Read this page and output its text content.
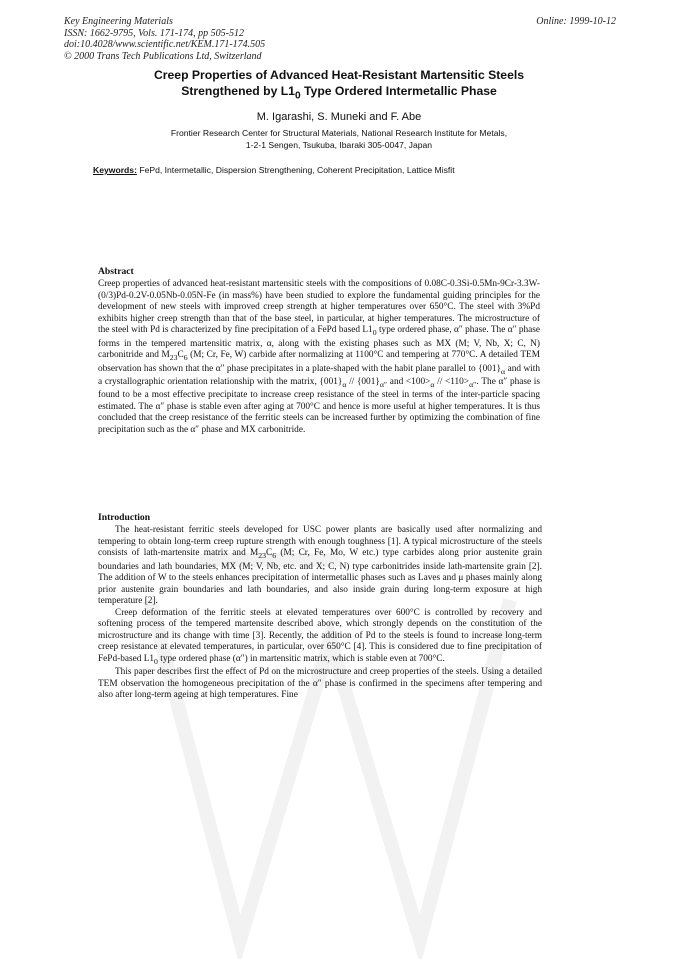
Key Engineering Materials
ISSN: 1662-9795, Vols. 171-174, pp 505-512
doi:10.4028/www.scientific.net/KEM.171-174.505
© 2000 Trans Tech Publications Ltd, Switzerland
Online: 1999-10-12
Creep Properties of Advanced Heat-Resistant Martensitic Steels
Strengthened by $L1_0$ Type Ordered Intermetallic Phase
M. Igarashi, S. Muneki and F. Abe
Frontier Research Center for Structural Materials, National Research Institute for Metals,
1-2-1 Sengen, Tsukuba, Ibaraki 305-0047, Japan
Keywords: FePd, Intermetallic, Dispersion Strengthening, Coherent Precipitation, Lattice Misfit
Abstract
Creep properties of advanced heat-resistant martensitic steels with the compositions of 0.08C-0.3Si-0.5Mn-9Cr-3.3W-(0/3)Pd-0.2V-0.05Nb-0.05N-Fe (in mass%) have been studied to explore the fundamental guiding principles for the development of new steels with improved creep strength at higher temperatures over 650°C. The steel with 3%Pd exhibits higher creep strength than that of the base steel, in particular, at higher temperatures. The microstructure of the steel with Pd is characterized by fine precipitation of a FePd based $L1_0$ type ordered phase, α″ phase. The α″ phase forms in the tempered martensitic matrix, α, along with the existing phases such as MX (M; V, Nb, X; C, N) carbonitride and $M_{23}C_6$ (M; Cr, Fe, W) carbide after normalizing at 1100°C and tempering at 770°C. A detailed TEM observation has shown that the α″ phase precipitates in a plate-shaped with the habit plane parallel to $\{001\}_\alpha$ and with a crystallographic orientation relationship with the matrix, $\{001\}_\alpha // \{001\}_{\alpha''}$ and $<100>_\alpha // <110>_{\alpha''}$. The α″ phase is found to be a most effective precipitate to increase creep resistance of the steel in terms of the inter-particle spacing estimated. The α″ phase is stable even after aging at 700°C and hence is more useful at higher temperatures. It is thus concluded that the creep resistance of the ferritic steels can be increased further by optimizing the combination of fine precipitation such as the α″ phase and MX carbonitride.
Introduction

The heat-resistant ferritic steels developed for USC power plants are basically used after normalizing and tempering to obtain long-term creep rupture strength with enough toughness [1]. A typical microstructure of the steels consists of lath-martensite matrix and $M_{23}C_6$ (M; Cr, Fe, Mo, W etc.) type carbides along prior austenite grain boundaries and lath boundaries, MX (M; V, Nb, etc. and X; C, N) type carbonitrides inside lath-martensite grain [2]. The addition of W to the steels enhances precipitation of intermetallic phases such as Laves and μ phases mainly along prior austenite grain boundaries and lath boundaries, and also inside grain during long-term exposure at high temperature [2].

Creep deformation of the ferritic steels at elevated temperatures over 600°C is controlled by recovery and softening process of the tempered martensite described above, which strongly depends on the constitution of the microstructure and its change with time [3]. Recently, the addition of Pd to the steels is found to increase long-term creep resistance at elevated temperatures, in particular, over 650°C [4]. This is considered due to fine precipitation of FePd-based $L1_0$ type ordered phase (α″) in martensitic matrix, which is stable even at 700°C.

This paper describes first the effect of Pd on the microstructure and creep properties of the steels. Using a detailed TEM observation the homogeneous precipitation of the α″ phase is confirmed in the specimens after tempering and also after long-term ageing at high temperatures. Fine
